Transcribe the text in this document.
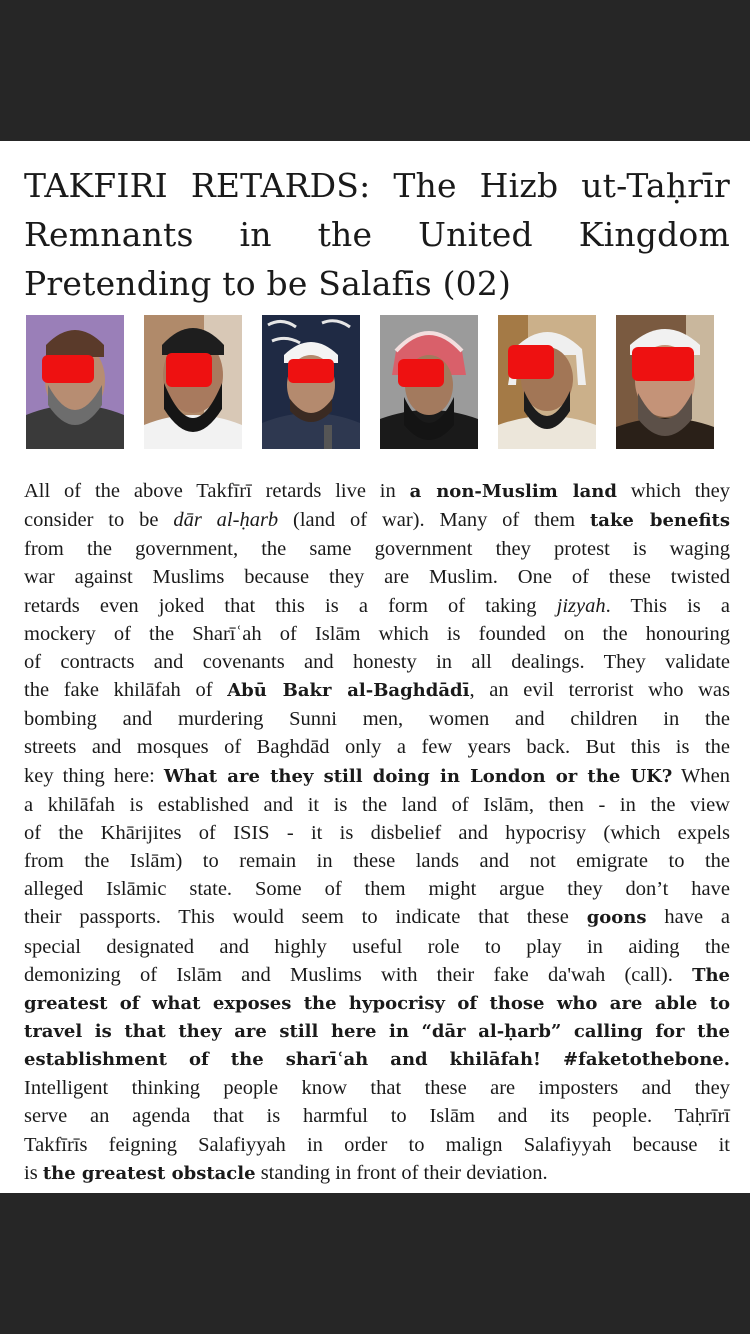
TAKFIRI RETARDS: The Hizb ut-Taḥrīr Remnants in the United Kingdom Pretending to be Salafīs (02)
All of the above Takfīrī retards live in a non-Muslim land which they
consider to be dār al-ḥarb (land of war). Many of them take benefits
from the government, the same government they protest is waging
war against Muslims because they are Muslim. One of these twisted
retards even joked that this is a form of taking jizyah. This is a
mockery of the Sharīʿah of Islām which is founded on the honouring
of contracts and covenants and honesty in all dealings. They validate
the fake khilāfah of Abū Bakr al-Baghdādī, an evil terrorist who was
bombing and murdering Sunni men, women and children in the
streets and mosques of Baghdād only a few years back. But this is the
key thing here: What are they still doing in London or the UK? When
a khilāfah is established and it is the land of Islām, then - in the view
of the Khārijites of ISIS - it is disbelief and hypocrisy (which expels
from the Islām) to remain in these lands and not emigrate to the
alleged Islāmic state. Some of them might argue they don’t have
their passports. This would seem to indicate that these goons have a
special designated and highly useful role to play in aiding the
demonizing of Islām and Muslims with their fake da'wah (call). The
greatest of what exposes the hypocrisy of those who are able to
travel is that they are still here in “dār al-ḥarb” calling for the
establishment of the sharīʿah and khilāfah! #faketothebone.
Intelligent thinking people know that these are imposters and they
serve an agenda that is harmful to Islām and its people. Taḥrīrī
Takfīrīs feigning Salafiyyah in order to malign Salafiyyah because it
is the greatest obstacle standing in front of their deviation.
